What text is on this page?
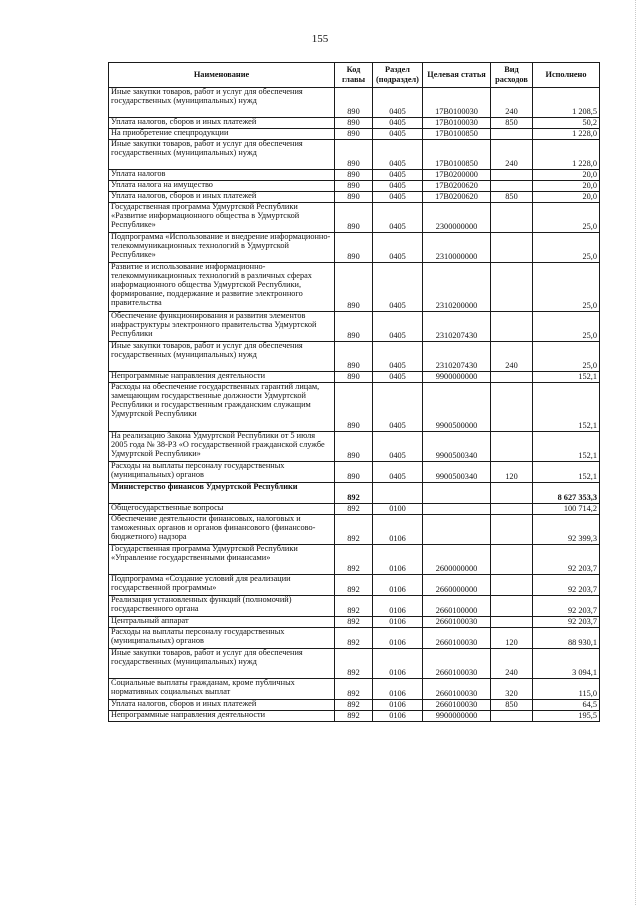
155
Наименование	Код главы	Раздел (подраздел)	Целевая статья	Вид расходов	Исполнено
Иные закупки товаров, работ и услуг для обеспечения государственных (муниципальных) нужд	890	0405	17В0100030	240	1 208,5
Уплата налогов, сборов и иных платежей	890	0405	17В0100030	850	50,2
На приобретение спецпродукции	890	0405	17В0100850		1 228,0
Иные закупки товаров, работ и услуг для обеспечения государственных (муниципальных) нужд	890	0405	17В0100850	240	1 228,0
Уплата налогов	890	0405	17В0200000		20,0
Уплата налога на имущество	890	0405	17В0200620		20,0
Уплата налогов, сборов и иных платежей	890	0405	17В0200620	850	20,0
Государственная программа Удмуртской Республики «Развитие информационного общества в Удмуртской Республике»	890	0405	2300000000		25,0
Подпрограмма «Использование и внедрение информационно-телекоммуникационных технологий в Удмуртской Республике»	890	0405	2310000000		25,0
Развитие и использование информационно-телекоммуникационных технологий в различных сферах информационного общества Удмуртской Республики, формирование, поддержание и развитие электронного правительства	890	0405	2310200000		25,0
Обеспечение функционирования и развития элементов инфраструктуры электронного правительства Удмуртской Республики	890	0405	2310207430		25,0
Иные закупки товаров, работ и услуг для обеспечения государственных (муниципальных) нужд	890	0405	2310207430	240	25,0
Непрограммные направления деятельности	890	0405	9900000000		152,1
Расходы на обеспечение государственных гарантий лицам, замещающим государственные должности Удмуртской Республики и государственным гражданским служащим Удмуртской Республики	890	0405	9900500000		152,1
На реализацию Закона Удмуртской Республики от 5 июля 2005 года № 38-РЗ «О государственной гражданской службе Удмуртской Республики»	890	0405	9900500340		152,1
Расходы на выплаты персоналу государственных (муниципальных) органов	890	0405	9900500340	120	152,1
Министерство финансов Удмуртской Республики	892				8 627 353,3
Общегосударственные вопросы	892	0100			100 714,2
Обеспечение деятельности финансовых, налоговых и таможенных органов и органов финансового (финансово-бюджетного) надзора	892	0106			92 399,3
Государственная программа Удмуртской Республики «Управление государственными финансами»	892	0106	2600000000		92 203,7
Подпрограмма «Создание условий для реализации государственной программы»	892	0106	2660000000		92 203,7
Реализация установленных функций (полномочий) государственного органа	892	0106	2660100000		92 203,7
Центральный аппарат	892	0106	2660100030		92 203,7
Расходы на выплаты персоналу государственных (муниципальных) органов	892	0106	2660100030	120	88 930,1
Иные закупки товаров, работ и услуг для обеспечения государственных (муниципальных) нужд	892	0106	2660100030	240	3 094,1
Социальные выплаты гражданам, кроме публичных нормативных социальных выплат	892	0106	2660100030	320	115,0
Уплата налогов, сборов и иных платежей	892	0106	2660100030	850	64,5
Непрограммные направления деятельности	892	0106	9900000000		195,5
